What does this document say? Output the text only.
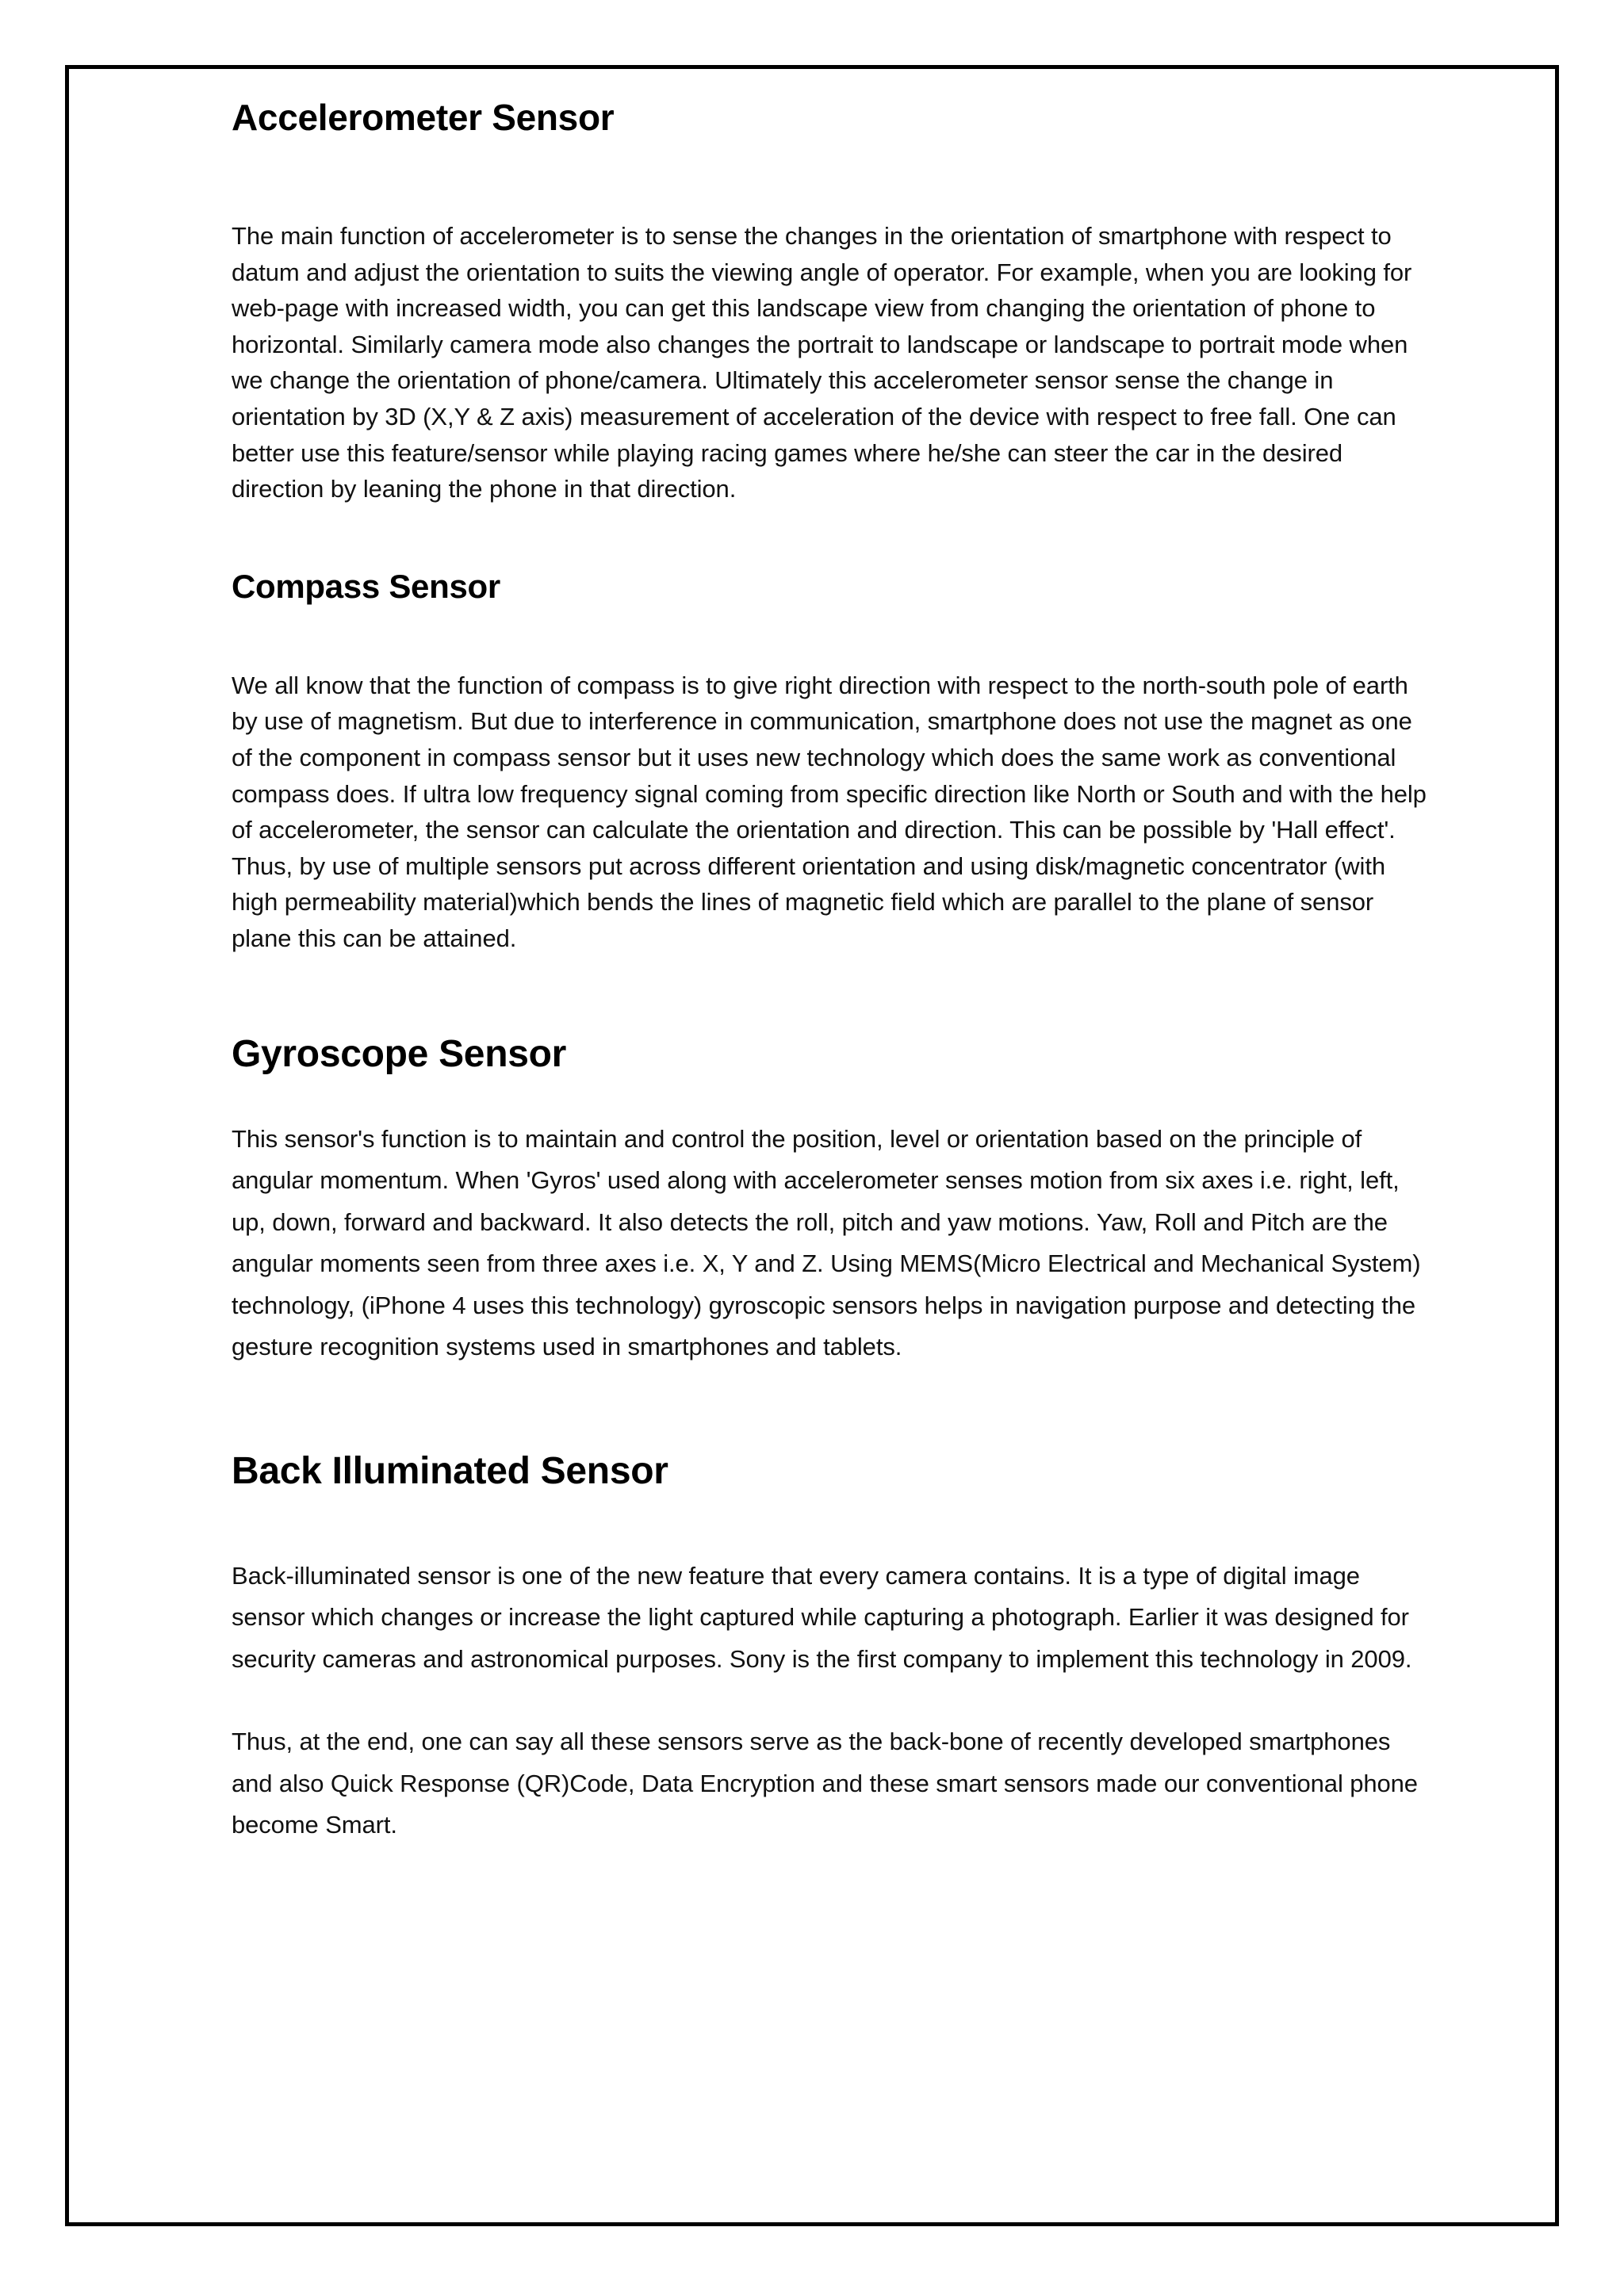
Accelerometer Sensor

The main function of accelerometer is to sense the changes in the orientation of smartphone with respect to datum and adjust the orientation to suits the viewing angle of operator. For example, when you are looking for web-page with increased width, you can get this landscape view from changing the orientation of phone to horizontal. Similarly camera mode also changes the portrait to landscape or landscape to portrait mode when we change the orientation of phone/camera. Ultimately this accelerometer sensor sense the change in orientation by 3D (X,Y & Z axis) measurement of acceleration of the device with respect to free fall. One can better use this feature/sensor while playing racing games where he/she can steer the car in the desired direction by leaning the phone in that direction.

Compass Sensor

We all know that the function of compass is to give right direction with respect to the north-south pole of earth by use of magnetism. But due to interference in communication, smartphone does not use the magnet as one of the component in compass sensor but it uses new technology which does the same work as conventional compass does. If ultra low frequency signal coming from specific direction like North or South and with the help of accelerometer, the sensor can calculate the orientation and direction. This can be possible by 'Hall effect'. Thus, by use of multiple sensors put across different orientation and using disk/magnetic concentrator (with high permeability material)which bends the lines of magnetic field which are parallel to the plane of sensor plane this can be attained.

Gyroscope Sensor

This sensor's function is to maintain and control the position, level or orientation based on the principle of angular momentum. When 'Gyros' used along with accelerometer senses motion from six axes i.e. right, left, up, down, forward and backward. It also detects the roll, pitch and yaw motions. Yaw, Roll and Pitch are the angular moments seen from three axes i.e. X, Y and Z. Using MEMS(Micro Electrical and Mechanical System) technology, (iPhone 4 uses this technology) gyroscopic sensors helps in navigation purpose and detecting the gesture recognition systems used in smartphones and tablets.

Back Illuminated Sensor

Back-illuminated sensor is one of the new feature that every camera contains. It is a type of digital image sensor which changes or increase the light captured while capturing a photograph. Earlier it was designed for security cameras and astronomical purposes. Sony is the first company to implement this technology in 2009.

Thus, at the end, one can say all these sensors serve as the back-bone of recently developed smartphones and also Quick Response (QR)Code, Data Encryption and these smart sensors made our conventional phone become Smart.
